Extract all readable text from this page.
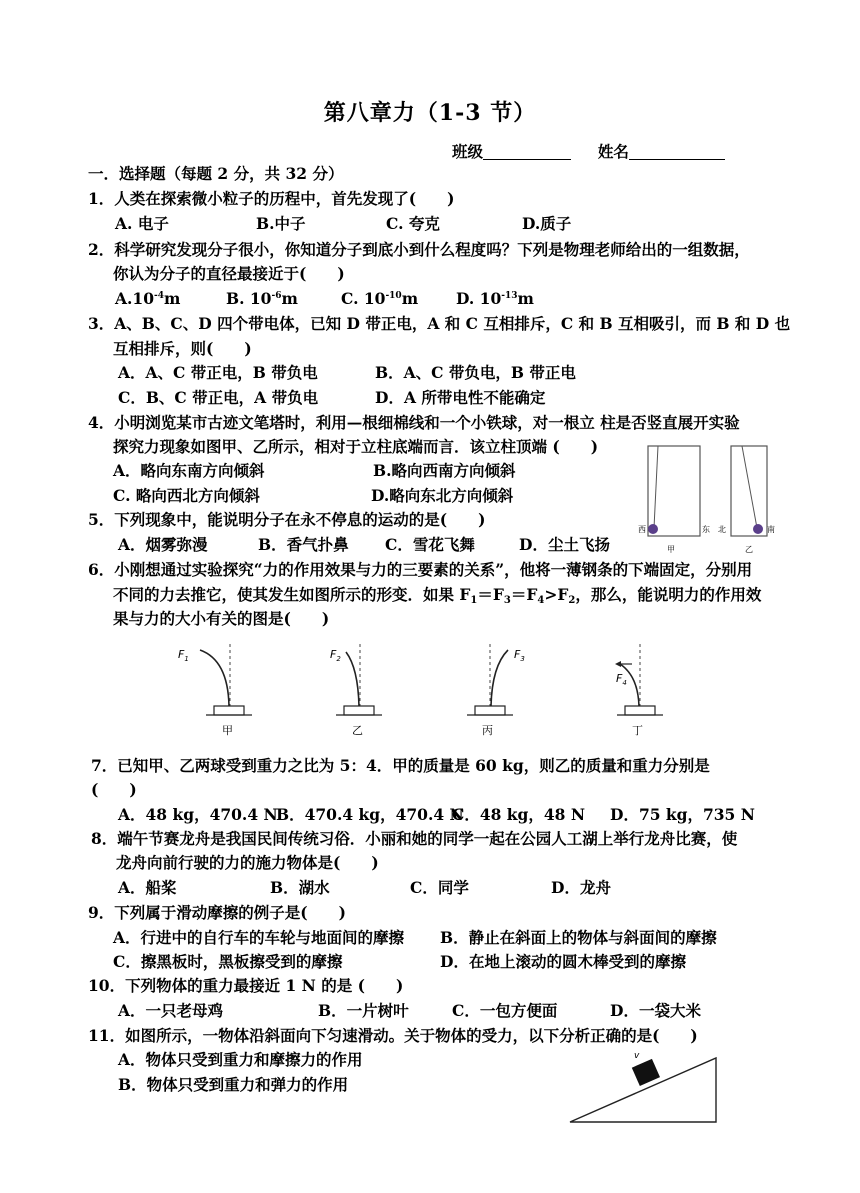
第八章力（1-3 节）
班级	姓名
一．选择题（每题 2 分，共 32 分）
1．人类在探索微小粒子的历程中，首先发现了(　　)
A. 电子	B.中子	C. 夸克	D.质子
2．科学研究发现分子很小，你知道分子到底小到什么程度吗？下列是物理老师给出的一组数据，
你认为分子的直径最接近于(　　)
$A.10^{-4}m$	B. $10^{-6}m$	C. $10^{-10}m$ D. $10^{-13}m$
3．A、B、C、D 四个带电体，已知 D 带正电，A 和 C 互相排斥，C 和 B 互相吸引，而 B 和 D 也
互相排斥，则(　　)
A．A、C 带正电，B 带负电	B．A、C 带负电，B 带正电
C．B、C 带正电，A 带负电	D．A 所带电性不能确定
4．小明浏览某市古迹文笔塔时，利用—根细棉线和一个小铁球，对一根立 柱是否竖直展开实验
探究力现象如图甲、乙所示，相对于立柱底端而言．该立柱顶端 (　　)
A．略向东南方向倾斜	B.略向西南方向倾斜
C. 略向西北方向倾斜	D.略向东北方向倾斜
西	东
甲
北	南
乙
5．下列现象中，能说明分子在永不停息的运动的是(　　)
A．烟雾弥漫	B．香气扑鼻 C．雪花飞舞	D．尘土飞扬
6．小刚想通过实验探究“力的作用效果与力的三要素的关系”，他将一薄钢条的下端固定，分别用
不同的力去推它，使其发生如图所示的形变．如果 $F_1=F_3=F_4>F_2$，那么，能说明力的作用效
果与力的大小有关的图是(　　)
$F_1$
甲
$F_2$
乙
$F_3$
丙
$F_4$
丁
7．已知甲、乙两球受到重力之比为 5：4．甲的质量是 60 kg，则乙的质量和重力分别是
(　　)
A．48 kg，470.4 N
B．470.4 kg，470.4 N
C．48 kg，48 N D．75 kg，735 N
8．端午节赛龙舟是我国民间传统习俗．小丽和她的同学一起在公园人工湖上举行龙舟比赛，使
龙舟向前行驶的力的施力物体是(　　)
A．船桨	B．湖水	C．同学	D．龙舟
9．下列属于滑动摩擦的例子是(　　)
A．行进中的自行车的车轮与地面间的摩擦 B．静止在斜面上的物体与斜面间的摩擦
C．擦黑板时，黑板擦受到的摩擦	D．在地上滚动的圆木棒受到的摩擦
10．下列物体的重力最接近 1 N 的是 (　　)
A．一只老母鸡	B．一片树叶	C．一包方便面	D．一袋大米
11．如图所示，一物体沿斜面向下匀速滑动。关于物体的受力，以下分析正确的是(　　)
A．物体只受到重力和摩擦力的作用
B．物体只受到重力和弹力的作用
v
